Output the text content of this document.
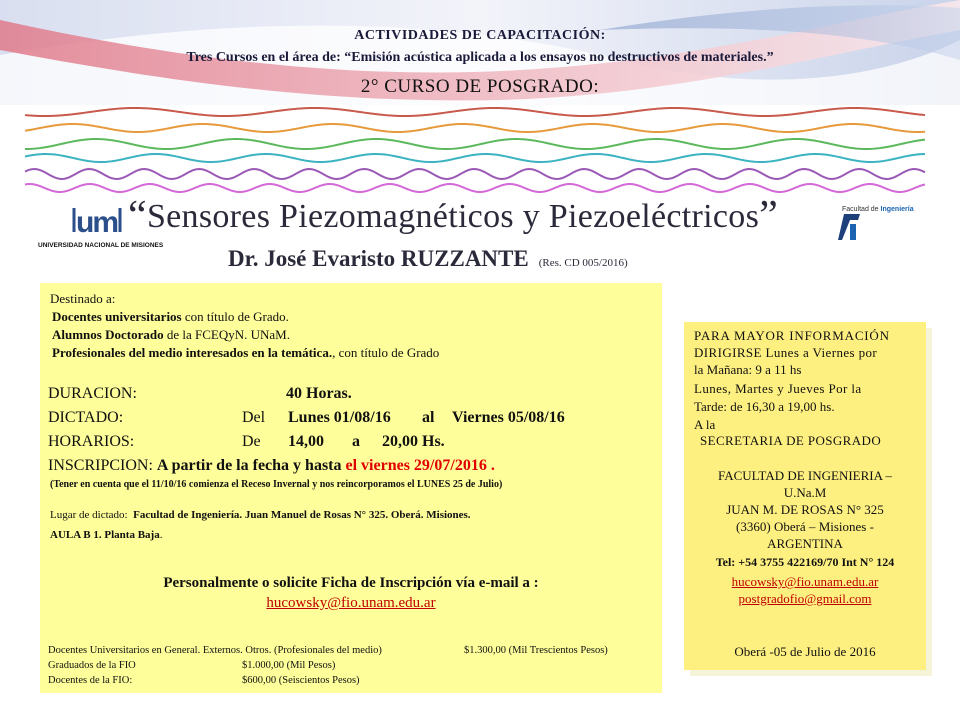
ACTIVIDADES DE CAPACITACIÓN:
Tres Cursos en el área de: “Emisión acústica aplicada a los ensayos no destructivos de materiales.”
2° CURSO DE POSGRADO:
um
UNIVERSIDAD NACIONAL DE MISIONES
Facultad de Ingeniería
“Sensores Piezomagnéticos y Piezoeléctricos”
Dr. José Evaristo RUZZANTE (Res. CD 005/2016)
Destinado a:
Docentes universitarios con título de Grado.
Alumnos Doctorado de la FCEQyN. UNaM.
Profesionales del medio interesados en la temática., con título de Grado
DURACION:	40 Horas.
DICTADO:	Del Lunes 01/08/16 al Viernes 05/08/16
HORARIOS:	De 14,00 a 20,00 Hs.
INSCRIPCION: A partir de la fecha y hasta el viernes 29/07/2016 .
(Tener en cuenta que el 11/10/16 comienza el Receso Invernal y nos reincorporamos el LUNES 25 de Julio)
Lugar de dictado: Facultad de Ingeniería. Juan Manuel de Rosas N° 325. Oberá. Misiones.
AULA B 1. Planta Baja.
Personalmente o solicite Ficha de Inscripción vía e-mail a :
hucowsky@fio.unam.edu.ar
Docentes Universitarios en General. Externos. Otros. (Profesionales del medio)	$1.300,00 (Mil Trescientos Pesos)
Graduados de la FIO	$1.000,00 (Mil Pesos)
Docentes de la FIO:	$600,00 (Seiscientos Pesos)
PARA MAYOR INFORMACIÓN
DIRIGIRSE Lunes a Viernes por
la Mañana: 9 a 11 hs
Lunes, Martes y Jueves Por la
Tarde: de 16,30 a 19,00 hs.
A la
SECRETARIA DE POSGRADO
FACULTAD DE INGENIERIA –
U.Na.M
JUAN M. DE ROSAS N° 325
(3360) Oberá – Misiones -
ARGENTINA
Tel: +54 3755 422169/70 Int N° 124
hucowsky@fio.unam.edu.ar
postgradofio@gmail.com
Oberá -05 de Julio de 2016
